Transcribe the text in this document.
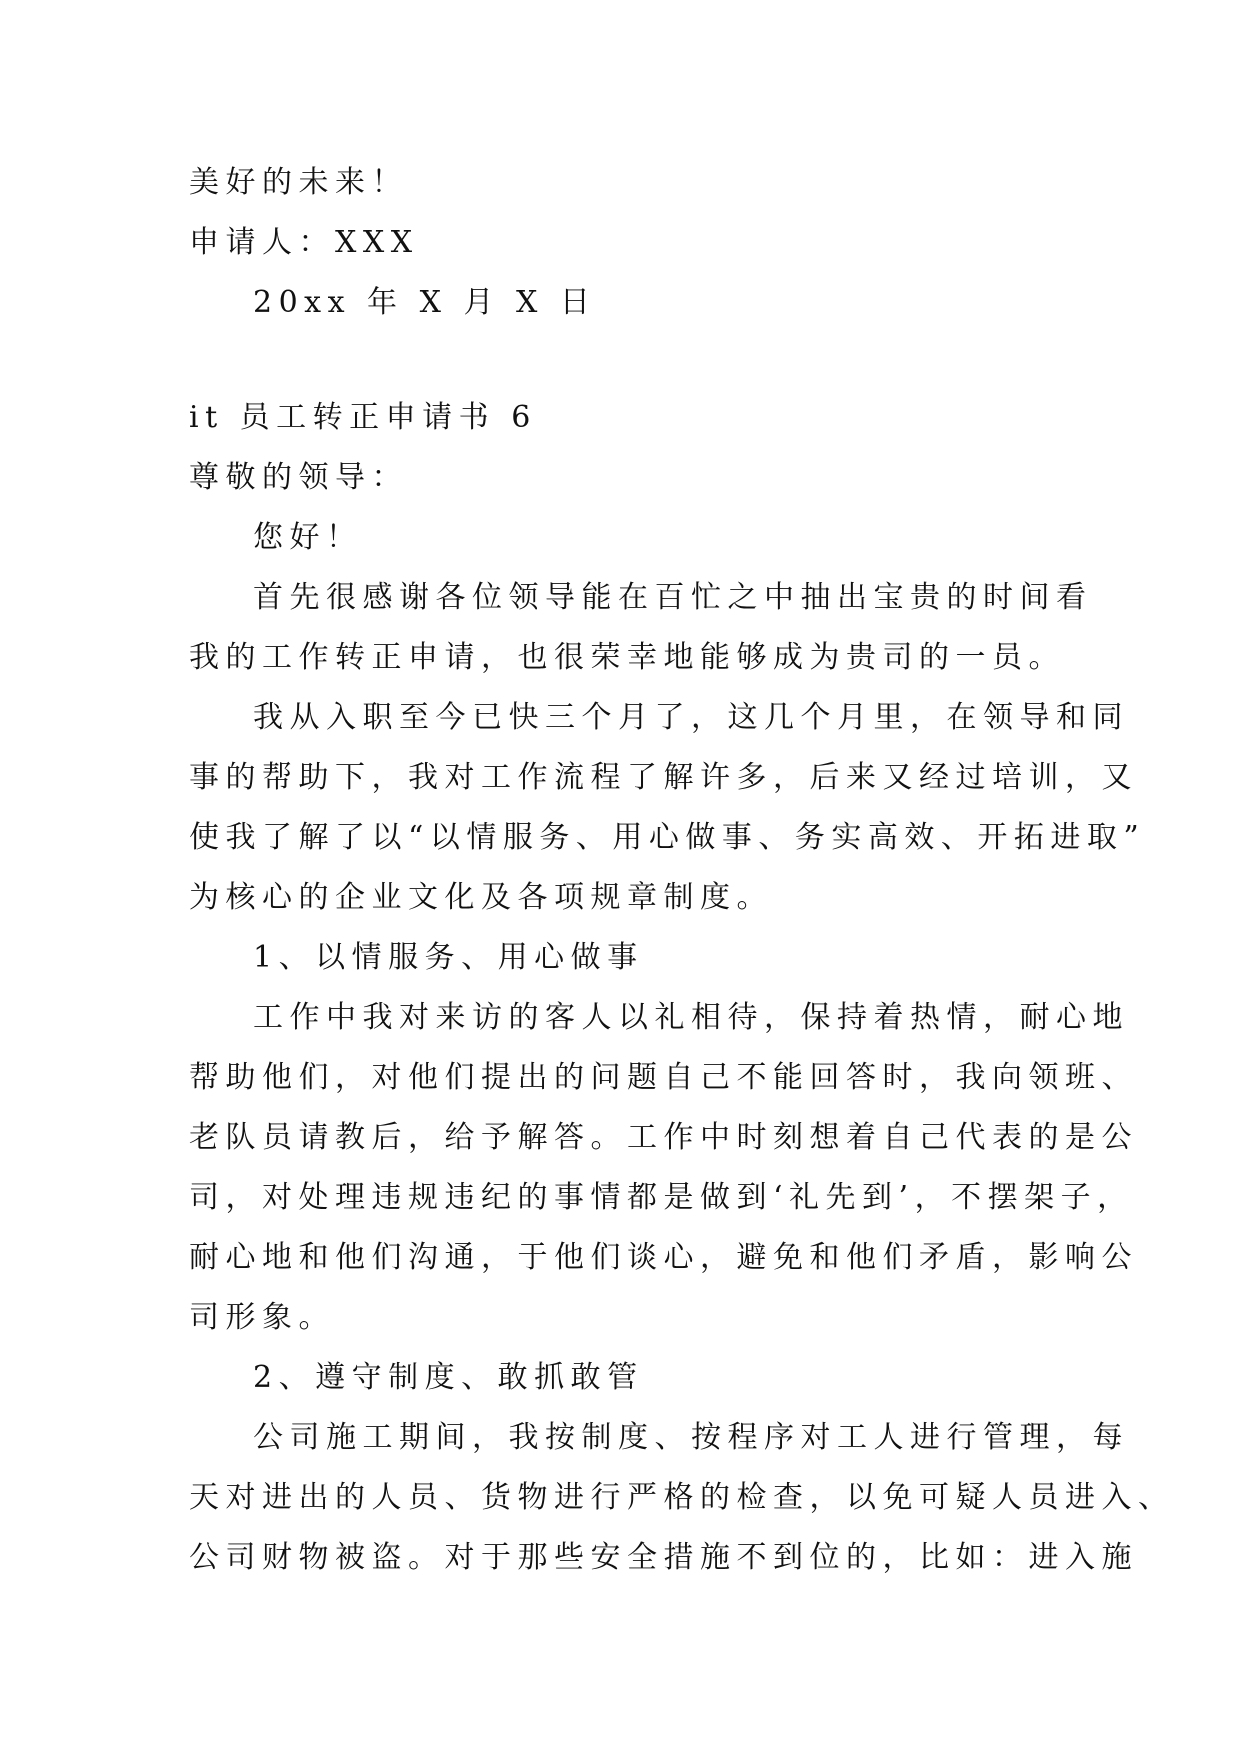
美好的未来！
申请人：XXX
20xx 年 X 月 X 日
it 员工转正申请书 6
尊敬的领导：
您好！
首先很感谢各位领导能在百忙之中抽出宝贵的时间看
我的工作转正申请，也很荣幸地能够成为贵司的一员。
我从入职至今已快三个月了，这几个月里，在领导和同
事的帮助下，我对工作流程了解许多，后来又经过培训，又
使我了解了以“以情服务、用心做事、务实高效、开拓进取”
为核心的企业文化及各项规章制度。
1、以情服务、用心做事
工作中我对来访的客人以礼相待，保持着热情，耐心地
帮助他们，对他们提出的问题自己不能回答时，我向领班、
老队员请教后，给予解答。工作中时刻想着自己代表的是公
司，对处理违规违纪的事情都是做到‘礼先到’，不摆架子，
耐心地和他们沟通，于他们谈心，避免和他们矛盾，影响公
司形象。
2、遵守制度、敢抓敢管
公司施工期间，我按制度、按程序对工人进行管理，每
天对进出的人员、货物进行严格的检查，以免可疑人员进入、
公司财物被盗。对于那些安全措施不到位的，比如：进入施
